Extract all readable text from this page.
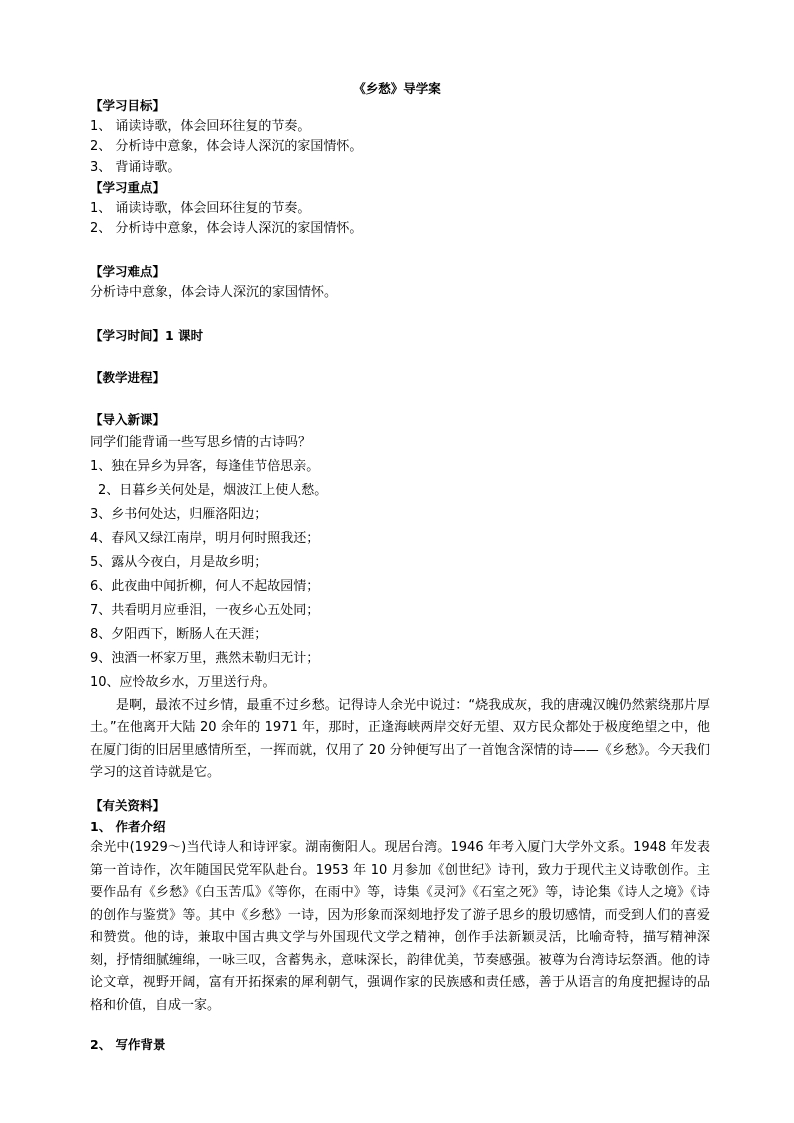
《乡愁》导学案
【学习目标】
1、 诵读诗歌，体会回环往复的节奏。
2、 分析诗中意象，体会诗人深沉的家国情怀。
3、 背诵诗歌。
【学习重点】
1、 诵读诗歌，体会回环往复的节奏。
2、 分析诗中意象，体会诗人深沉的家国情怀。
【学习难点】
分析诗中意象，体会诗人深沉的家国情怀。
【学习时间】1 课时
【教学进程】
【导入新课】
同学们能背诵一些写思乡情的古诗吗？
1、独在异乡为异客，每逢佳节倍思亲。
2、日暮乡关何处是，烟波江上使人愁。
3、乡书何处达，归雁洛阳边；
4、春风又绿江南岸，明月何时照我还；
5、露从今夜白，月是故乡明；
6、此夜曲中闻折柳，何人不起故园情；
7、共看明月应垂泪，一夜乡心五处同；
8、夕阳西下，断肠人在天涯；
9、浊酒一杯家万里，燕然未勒归无计；
10、应怜故乡水，万里送行舟。
是啊，最浓不过乡情，最重不过乡愁。记得诗人余光中说过：“烧我成灰，我的唐魂汉魄仍然萦绕那片厚土。”在他离开大陆 20 余年的 1971 年，那时，正逢海峡两岸交好无望、双方民众都处于极度绝望之中，他在厦门街的旧居里感情所至，一挥而就，仅用了 20 分钟便写出了一首饱含深情的诗——《乡愁》。今天我们学习的这首诗就是它。
【有关资料】
1、 作者介绍
余光中(1929～)当代诗人和诗评家。湖南衡阳人。现居台湾。1946 年考入厦门大学外文系。1948 年发表第一首诗作，次年随国民党军队赴台。1953 年 10 月参加《创世纪》诗刊，致力于现代主义诗歌创作。主要作品有《乡愁》《白玉苦瓜》《等你，在雨中》等，诗集《灵河》《石室之死》等，诗论集《诗人之境》《诗的创作与鉴赏》等。其中《乡愁》一诗，因为形象而深刻地抒发了游子思乡的殷切感情，而受到人们的喜爱和赞赏。他的诗，兼取中国古典文学与外国现代文学之精神，创作手法新颖灵活，比喻奇特，描写精神深刻，抒情细腻缠绵，一咏三叹，含蓄隽永，意味深长，韵律优美，节奏感强。被尊为台湾诗坛祭酒。他的诗论文章，视野开阔，富有开拓探索的犀利朝气，强调作家的民族感和责任感，善于从语言的角度把握诗的品格和价值，自成一家。
2、 写作背景
